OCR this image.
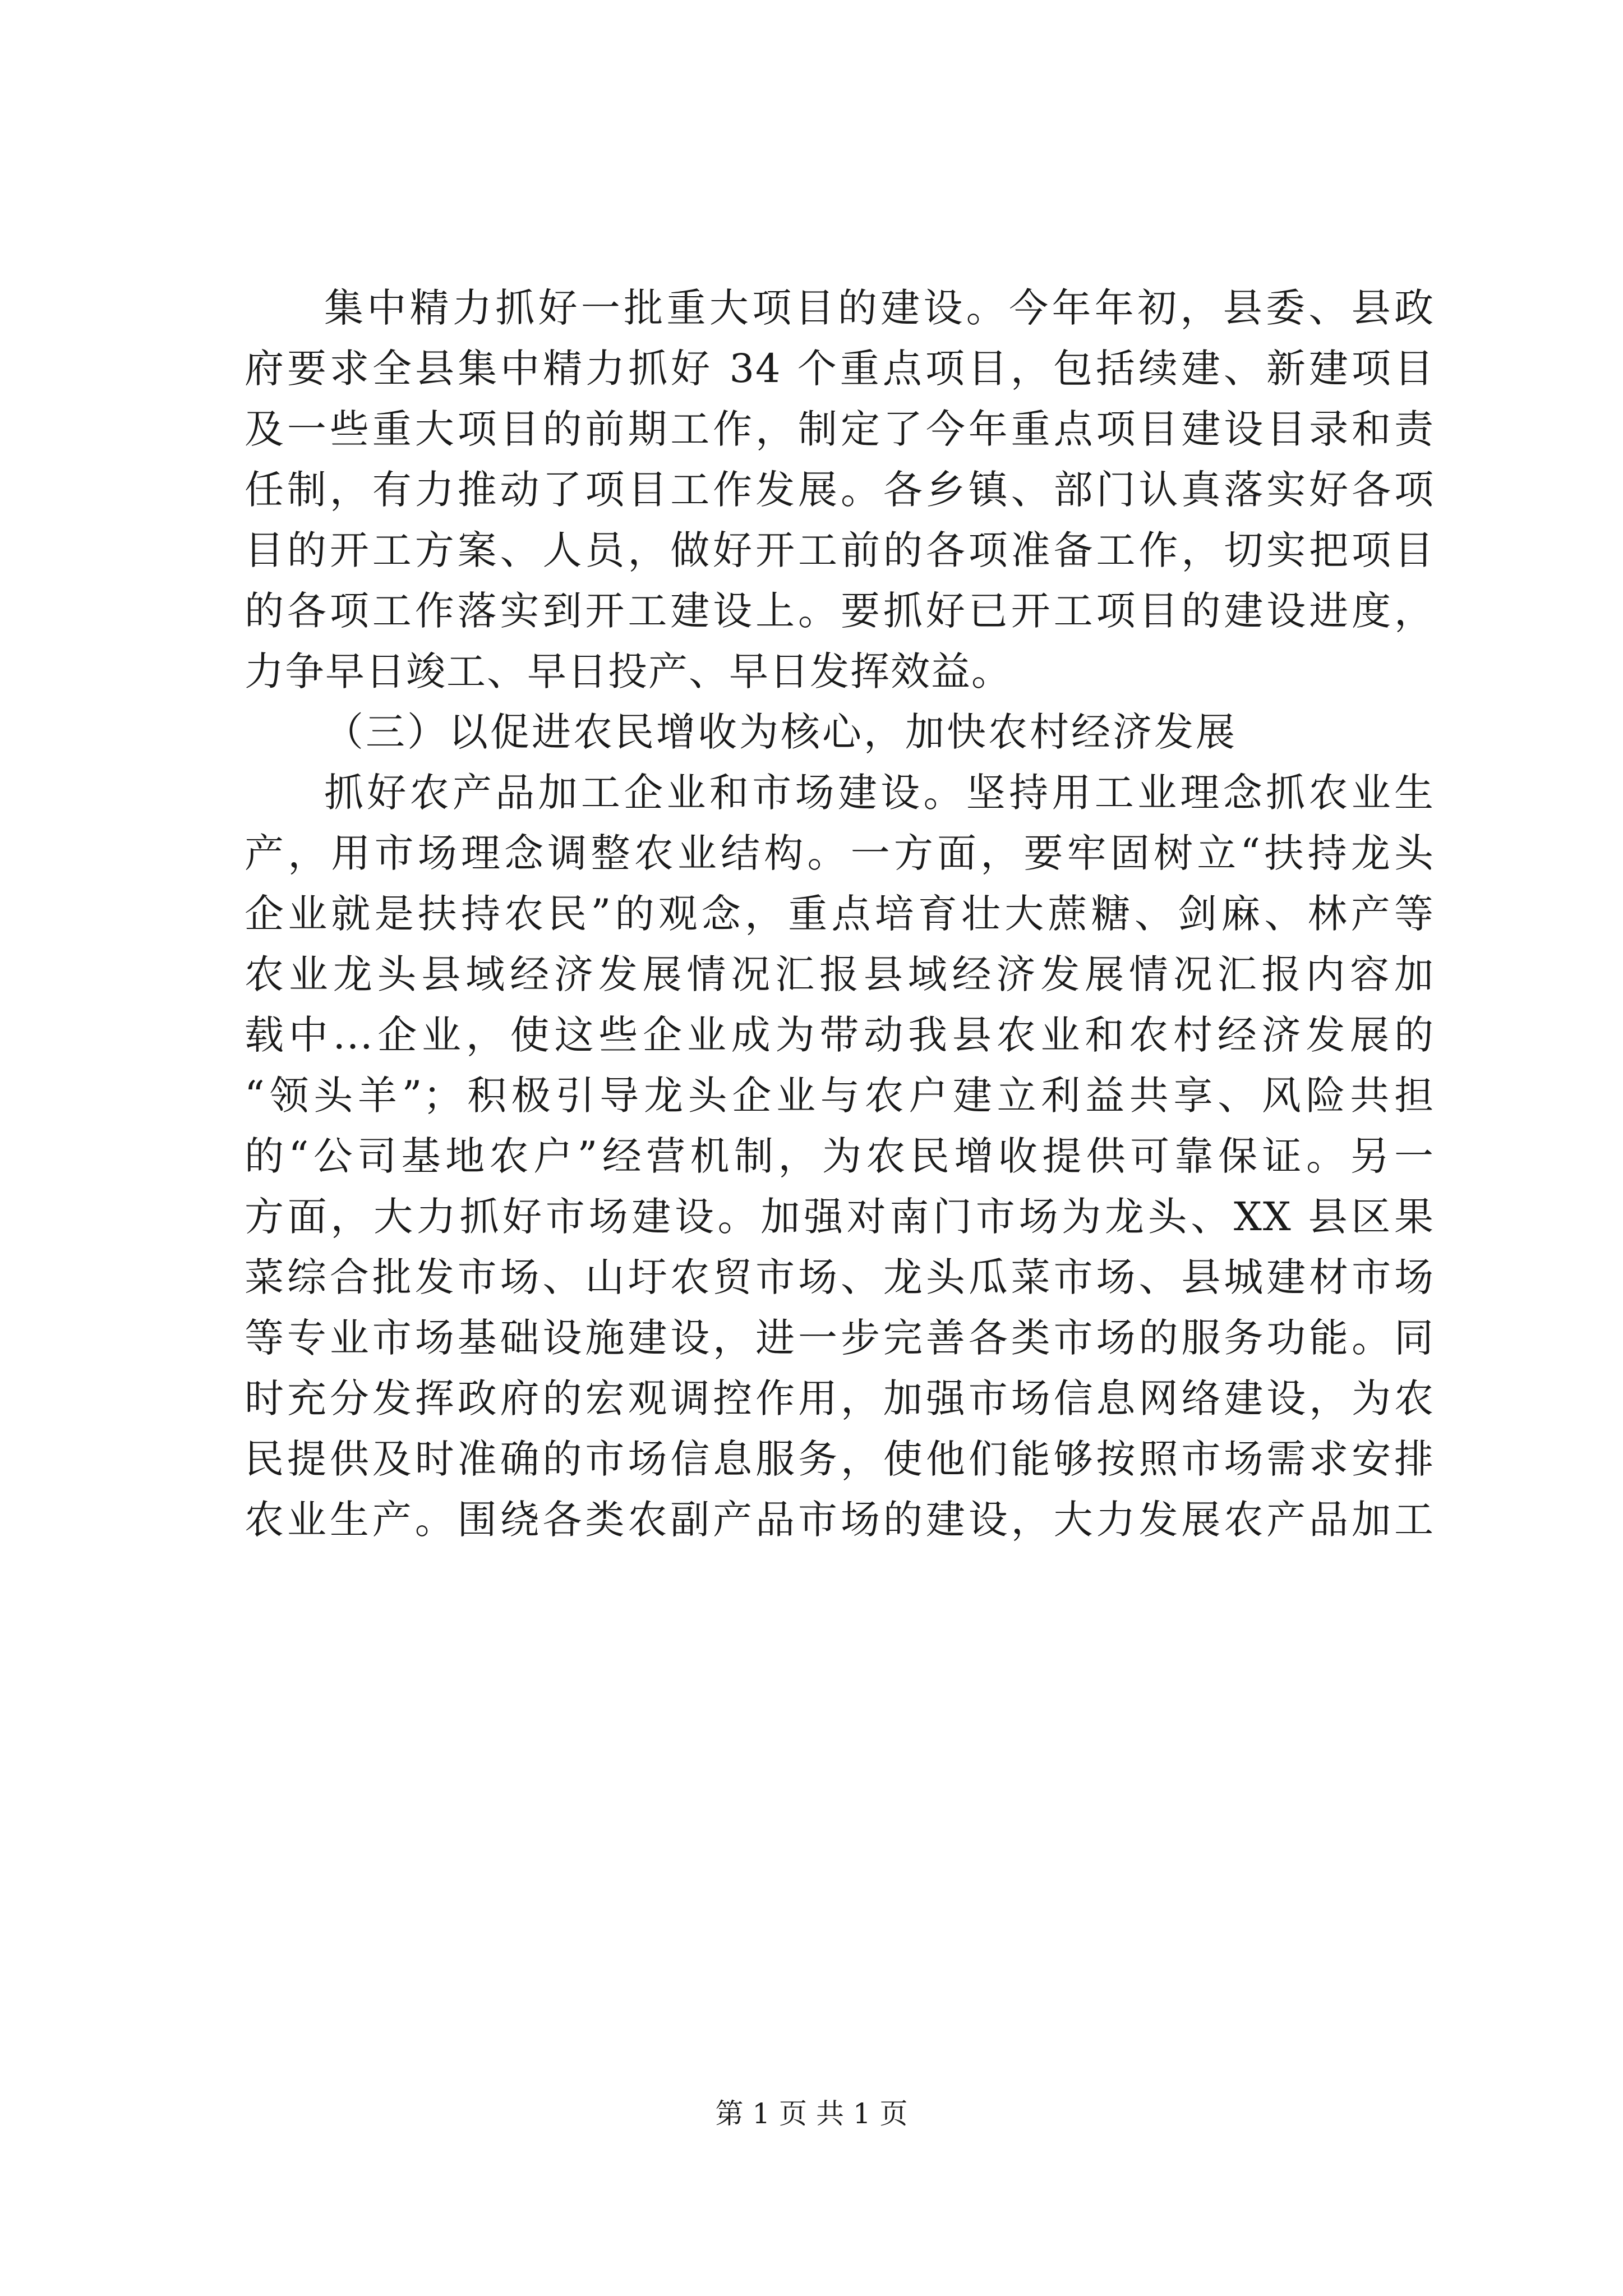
集中精力抓好一批重大项目的建设。今年年初，县委、县政
府要求全县集中精力抓好 34 个重点项目，包括续建、新建项目
及一些重大项目的前期工作，制定了今年重点项目建设目录和责
任制，有力推动了项目工作发展。各乡镇、部门认真落实好各项
目的开工方案、人员，做好开工前的各项准备工作，切实把项目
的各项工作落实到开工建设上。要抓好已开工项目的建设进度，
力争早日竣工、早日投产、早日发挥效益。
（三）以促进农民增收为核心，加快农村经济发展
抓好农产品加工企业和市场建设。坚持用工业理念抓农业生
产，用市场理念调整农业结构。一方面，要牢固树立“扶持龙头
企业就是扶持农民”的观念，重点培育壮大蔗糖、剑麻、林产等
农业龙头县域经济发展情况汇报县域经济发展情况汇报内容加
载中...企业，使这些企业成为带动我县农业和农村经济发展的
“领头羊”；积极引导龙头企业与农户建立利益共享、风险共担
的“公司基地农户”经营机制，为农民增收提供可靠保证。另一
方面，大力抓好市场建设。加强对南门市场为龙头、XX 县区果
菜综合批发市场、山圩农贸市场、龙头瓜菜市场、县城建材市场
等专业市场基础设施建设，进一步完善各类市场的服务功能。同
时充分发挥政府的宏观调控作用，加强市场信息网络建设，为农
民提供及时准确的市场信息服务，使他们能够按照市场需求安排
农业生产。围绕各类农副产品市场的建设，大力发展农产品加工
第 1 页 共 1 页
